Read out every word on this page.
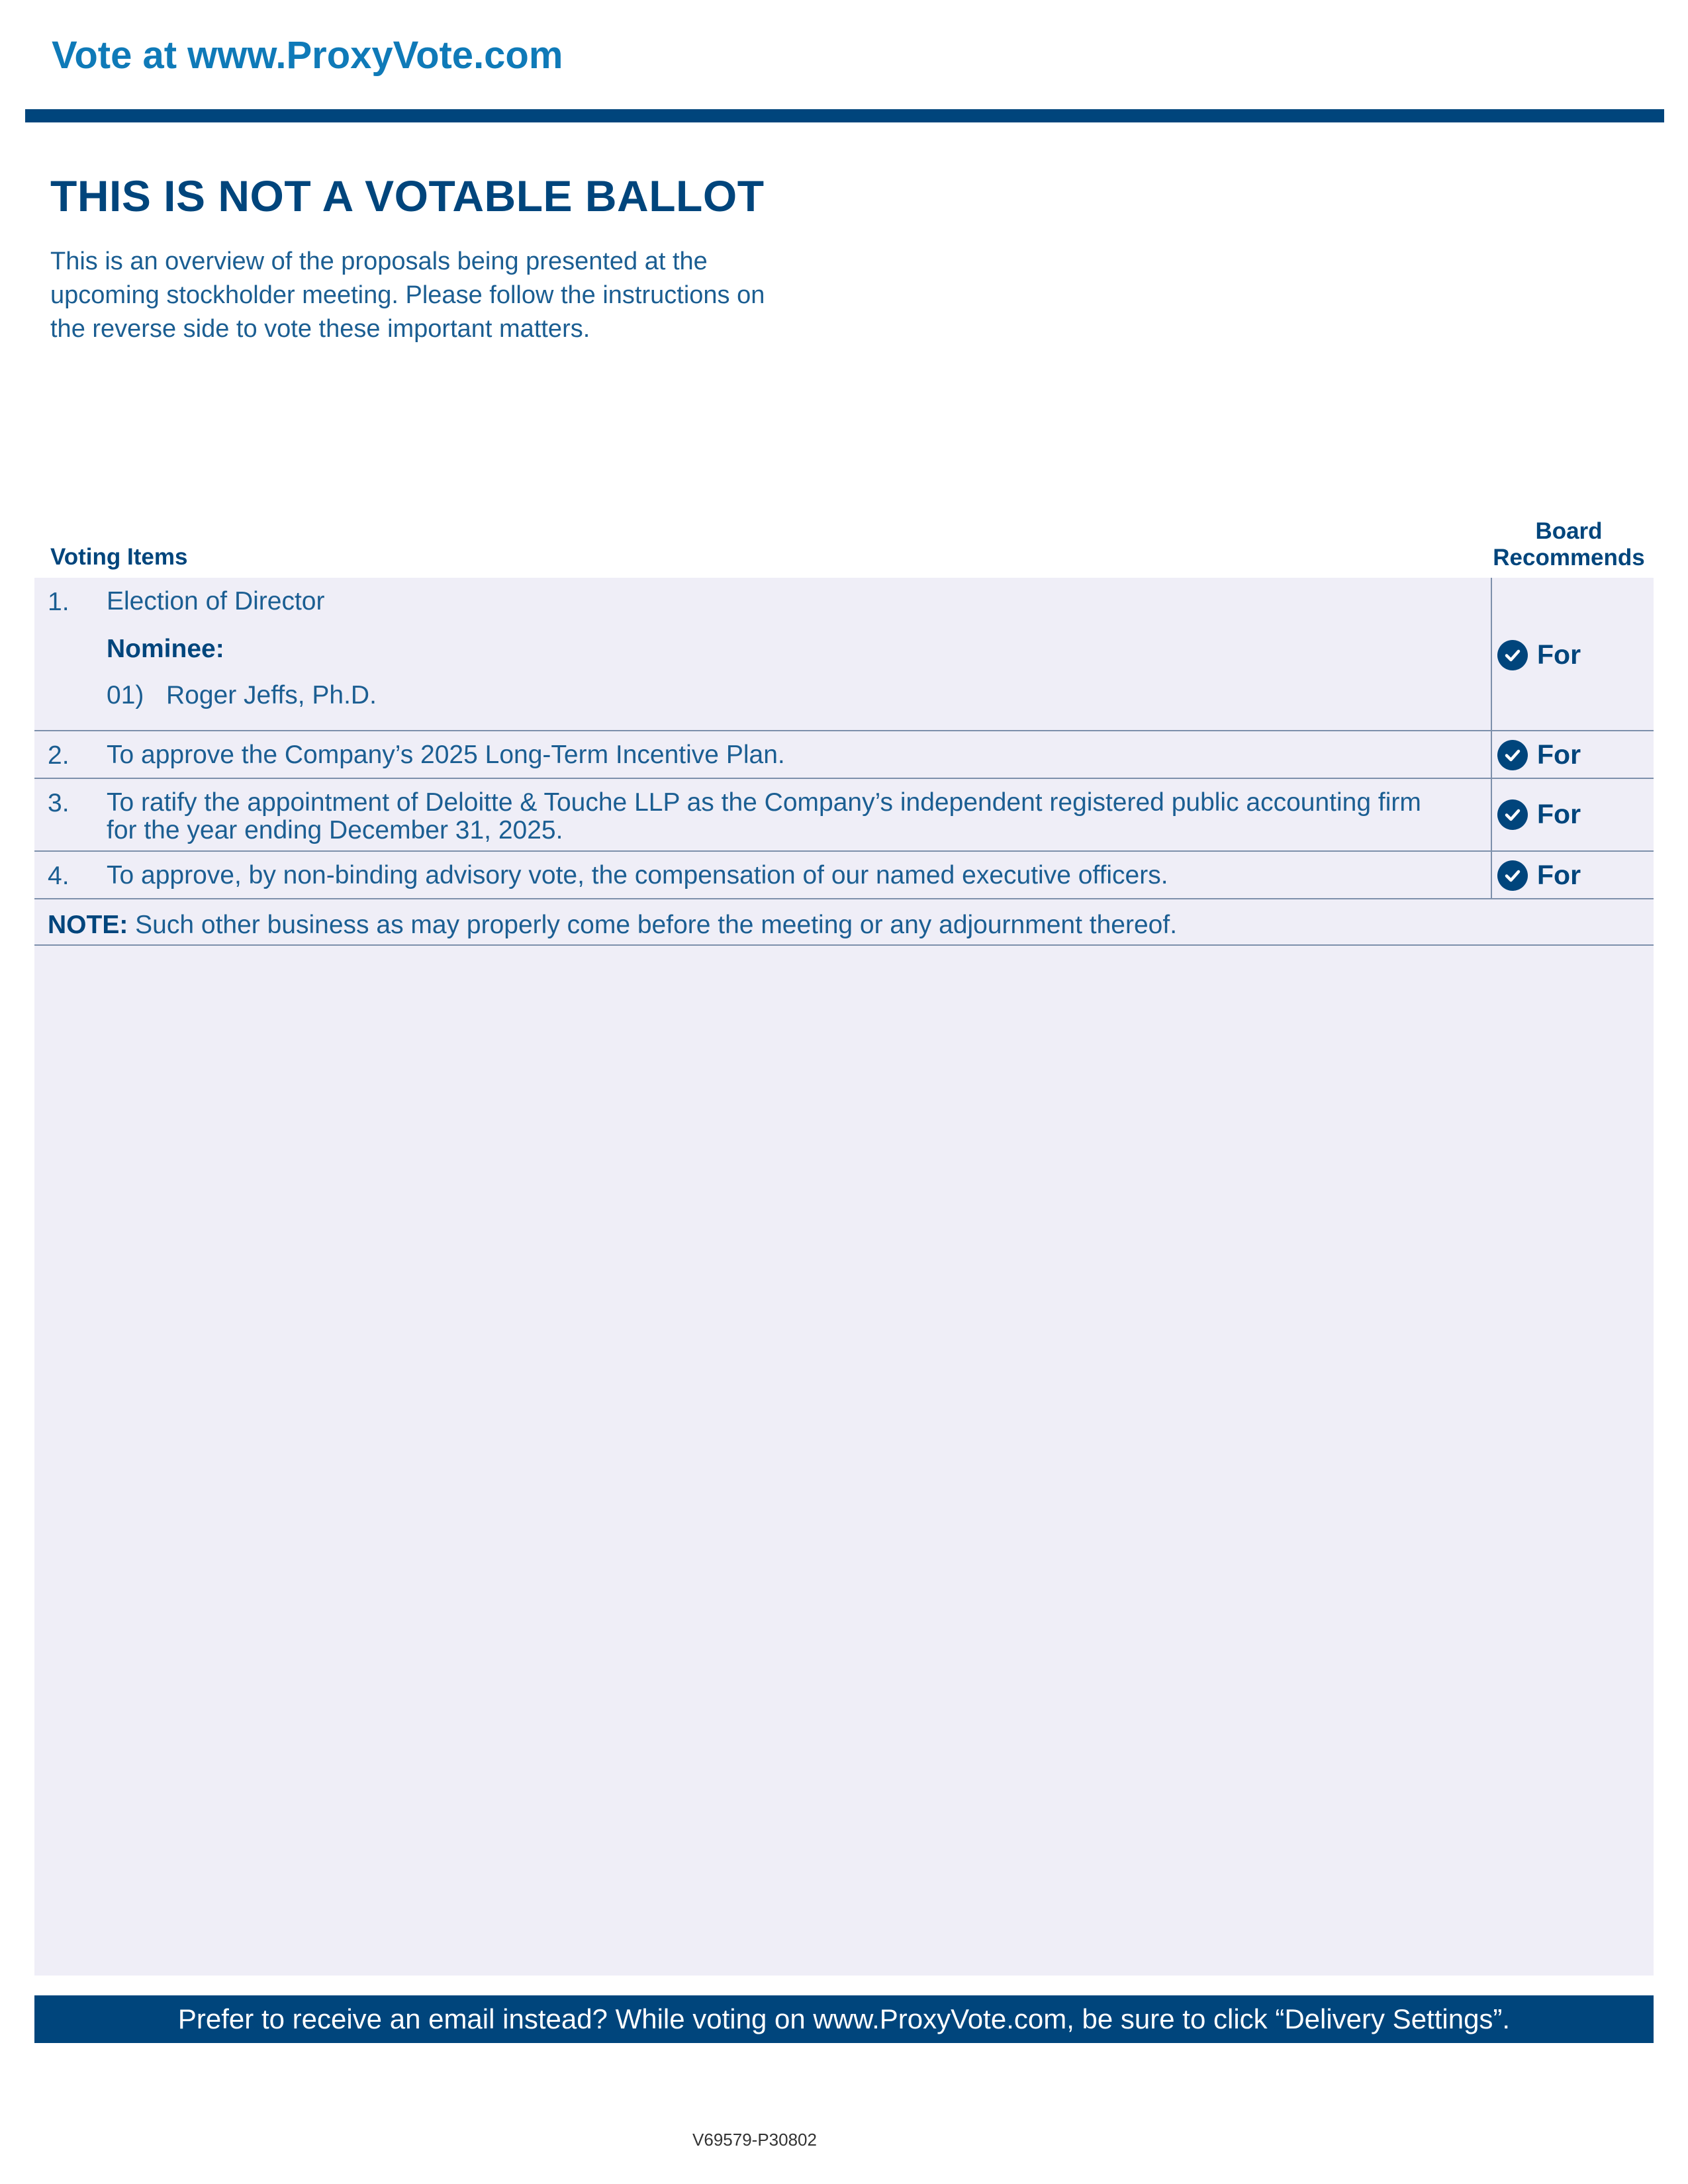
Vote at www.ProxyVote.com
THIS IS NOT A VOTABLE BALLOT
This is an overview of the proposals being presented at the
upcoming stockholder meeting. Please follow the instructions on
the reverse side to vote these important matters.
Board
Recommends
Voting Items
1. Election of Director
Nominee:
01) Roger Jeffs, Ph.D.
For
2. To approve the Company’s 2025 Long-Term Incentive Plan.	For
3. To ratify the appointment of Deloitte & Touche LLP as the Company’s independent registered public accounting firm
for the year ending December 31, 2025.
For
4. To approve, by non-binding advisory vote, the compensation of our named executive officers.	For
NOTE: Such other business as may properly come before the meeting or any adjournment thereof.
Prefer to receive an email instead? While voting on www.ProxyVote.com, be sure to click “Delivery Settings”.
V69579-P30802
